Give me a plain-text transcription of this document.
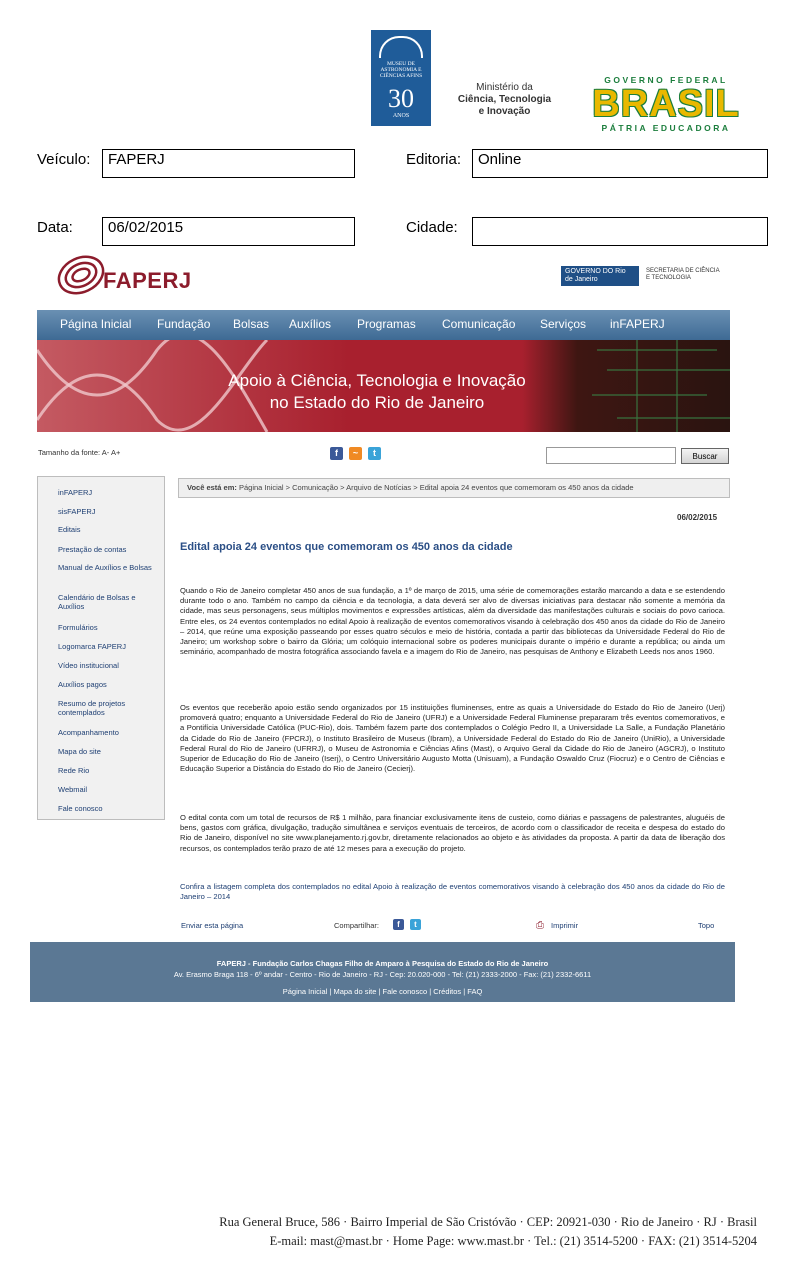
MUSEU DE ASTRONOMIA E CIÊNCIAS AFINS
30
ANOS
Ministério da
Ciência, Tecnologia
e Inovação
GOVERNO FEDERAL
BRASIL
PÁTRIA EDUCADORA
Veículo:	FAPERJ	Editoria:	Online
Data:	06/02/2015	Cidade:
FAPERJ	GOVERNO DO Rio de Janeiro
SECRETARIA DE CIÊNCIA E TECNOLOGIA
Página Inicial Fundação Bolsas Auxílios Programas Comunicação Serviços inFAPERJ
Apoio à Ciência, Tecnologia e Inovação
no Estado do Rio de Janeiro
Tamanho da fonte: A- A+	f	~	t	Buscar
inFAPERJ
sisFAPERJ
Editais
Prestação de contas
Manual de Auxílios e Bolsas
Calendário de Bolsas e Auxílios
Formulários
Logomarca FAPERJ
Vídeo institucional
Auxílios pagos
Resumo de projetos contemplados
Acompanhamento
Mapa do site
Rede Rio
Webmail
Fale conosco
Você está em: Página Inicial > Comunicação > Arquivo de Notícias > Edital apoia 24 eventos que comemoram os 450 anos da cidade
06/02/2015
Edital apoia 24 eventos que comemoram os 450 anos da cidade
Quando o Rio de Janeiro completar 450 anos de sua fundação, a 1º de março de 2015, uma série de comemorações estarão marcando a data e se estendendo durante todo o ano. Também no campo da ciência e da tecnologia, a data deverá ser alvo de diversas iniciativas para destacar não somente a memória da cidade, mas seus personagens, seus múltiplos movimentos e expressões artísticas, além da diversidade das manifestações culturais e sociais do povo carioca. Entre eles, os 24 eventos contemplados no edital Apoio à realização de eventos comemorativos visando à celebração dos 450 anos da cidade do Rio de Janeiro – 2014, que reúne uma exposição passeando por esses quatro séculos e meio de história, contada a partir das bibliotecas da Universidade Federal do Rio de Janeiro; um workshop sobre o bairro da Glória; um colóquio internacional sobre os poderes municipais durante o império e durante a república; ou ainda um seminário, acompanhado de mostra fotográfica associando favela e a imagem do Rio de Janeiro, nas pesquisas de Anthony e Elizabeth Leeds nos anos 1960.
Os eventos que receberão apoio estão sendo organizados por 15 instituições fluminenses, entre as quais a Universidade do Estado do Rio de Janeiro (Uerj) promoverá quatro; enquanto a Universidade Federal do Rio de Janeiro (UFRJ) e a Universidade Federal Fluminense prepararam três eventos comemorativos, e a Pontifícia Universidade Católica (PUC-Rio), dois. Também fazem parte dos contemplados o Colégio Pedro II, a Universidade La Salle, a Fundação Planetário da Cidade do Rio de Janeiro (FPCRJ), o Instituto Brasileiro de Museus (Ibram), a Universidade Federal do Estado do Rio de Janeiro (UniRio), a Universidade Federal Rural do Rio de Janeiro (UFRRJ), o Museu de Astronomia e Ciências Afins (Mast), o Arquivo Geral da Cidade do Rio de Janeiro (AGCRJ), o Instituto Superior de Educação do Rio de Janeiro (Iserj), o Centro Universitário Augusto Motta (Unisuam), a Fundação Oswaldo Cruz (Fiocruz) e o Centro de Ciências e Educação Superior a Distância do Estado do Rio de Janeiro (Cecierj).
O edital conta com um total de recursos de R$ 1 milhão, para financiar exclusivamente itens de custeio, como diárias e passagens de palestrantes, aluguéis de bens, gastos com gráfica, divulgação, tradução simultânea e serviços eventuais de terceiros, de acordo com o classificador de receita e despesa do estado do Rio de Janeiro, disponível no site www.planejamento.rj.gov.br, diretamente relacionados ao objeto e às atividades da proposta. A partir da data de liberação dos recursos, os contemplados terão prazo de até 12 meses para a execução do projeto.
Confira a listagem completa dos contemplados no edital Apoio à realização de eventos comemorativos visando à celebração dos 450 anos da cidade do Rio de Janeiro – 2014
Enviar esta página	Compartilhar:	f	t	⎙ Imprimir	Topo
FAPERJ - Fundação Carlos Chagas Filho de Amparo à Pesquisa do Estado do Rio de Janeiro
Av. Erasmo Braga 118 - 6º andar - Centro - Rio de Janeiro - RJ - Cep: 20.020-000 - Tel: (21) 2333-2000 - Fax: (21) 2332-6611
Página Inicial | Mapa do site | Fale conosco | Créditos | FAQ
Rua General Bruce, 586 · Bairro Imperial de São Cristóvão · CEP: 20921-030 · Rio de Janeiro · RJ · Brasil
E-mail: mast@mast.br · Home Page: www.mast.br · Tel.: (21) 3514-5200 · FAX: (21) 3514-5204
